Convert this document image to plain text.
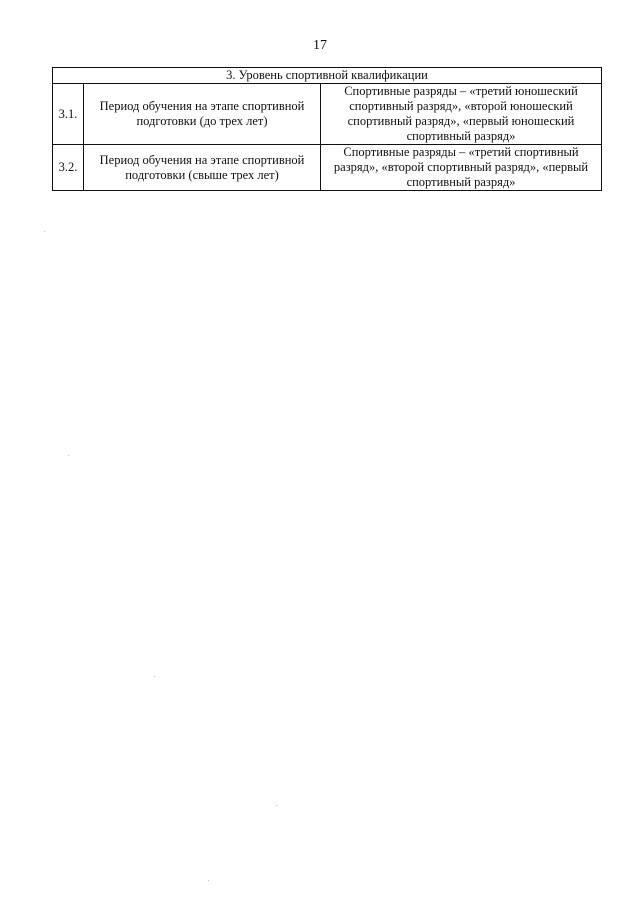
17
3. Уровень спортивной квалификации		
3.1.	Период обучения на этапе спортивной подготовки (до трех лет)	Спортивные разряды – «третий юношеский спортивный разряд», «второй юношеский спортивный разряд», «первый юношеский спортивный разряд»
3.2.	Период обучения на этапе спортивной подготовки (свыше трех лет)	Спортивные разряды – «третий спортивный разряд», «второй спортивный разряд», «первый спортивный разряд»
